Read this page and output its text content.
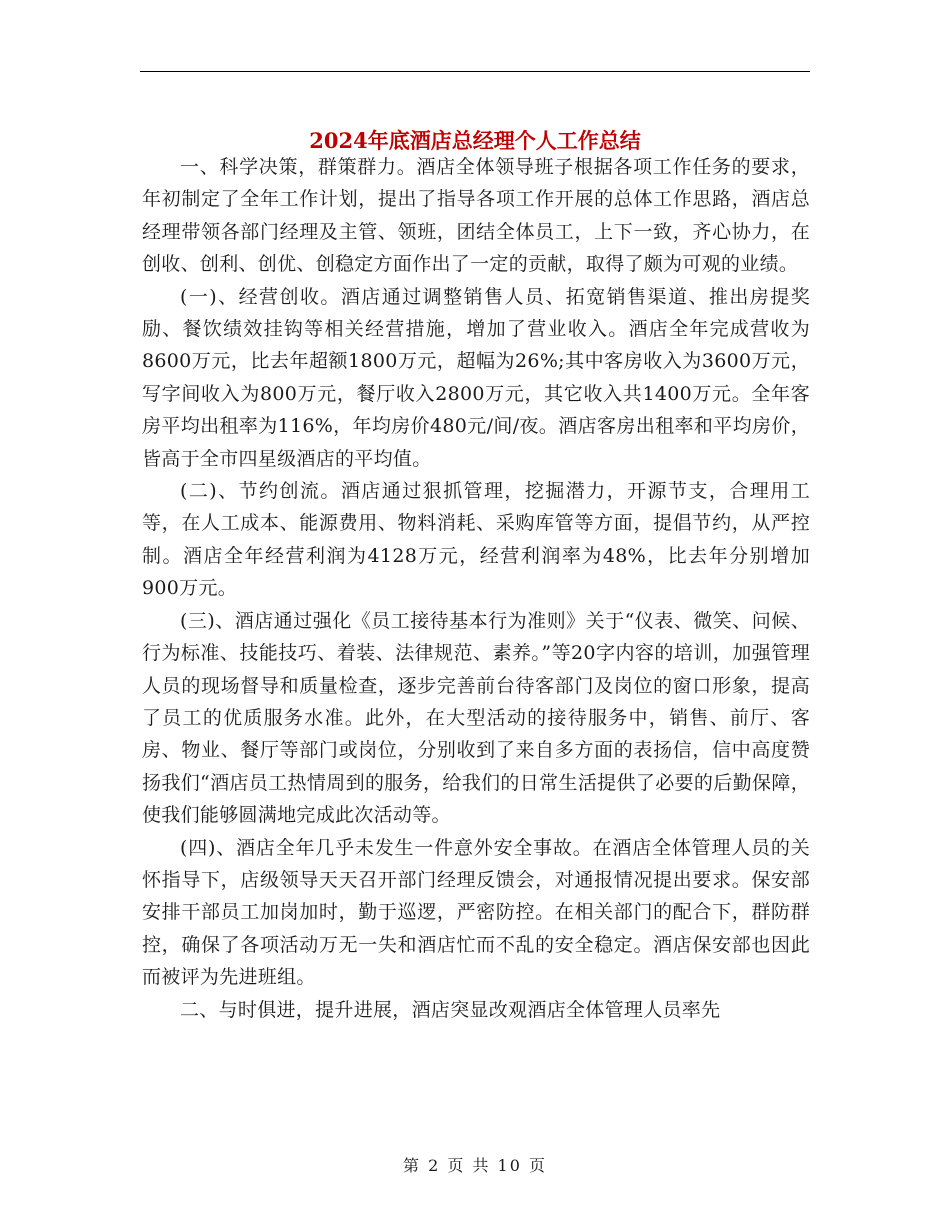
2024年底酒店总经理个人工作总结

一、科学决策，群策群力。酒店全体领导班子根据各项工作任务的要求，年初制定了全年工作计划，提出了指导各项工作开展的总体工作思路，酒店总经理带领各部门经理及主管、领班，团结全体员工，上下一致，齐心协力，在创收、创利、创优、创稳定方面作出了一定的贡献，取得了颇为可观的业绩。

(一)、经营创收。酒店通过调整销售人员、拓宽销售渠道、推出房提奖励、餐饮绩效挂钩等相关经营措施，增加了营业收入。酒店全年完成营收为8600万元，比去年超额1800万元，超幅为26%;其中客房收入为3600万元，写字间收入为800万元，餐厅收入2800万元，其它收入共1400万元。全年客房平均出租率为116%，年均房价480元/间/夜。酒店客房出租率和平均房价，皆高于全市四星级酒店的平均值。

(二)、节约创流。酒店通过狠抓管理，挖掘潜力，开源节支，合理用工等，在人工成本、能源费用、物料消耗、采购库管等方面，提倡节约，从严控制。酒店全年经营利润为4128万元，经营利润率为48%，比去年分别增加900万元。

(三)、酒店通过强化《员工接待基本行为准则》关于“仪表、微笑、问候、行为标准、技能技巧、着装、法律规范、素养。”等20字内容的培训，加强管理人员的现场督导和质量检查，逐步完善前台待客部门及岗位的窗口形象，提高了员工的优质服务水准。此外，在大型活动的接待服务中，销售、前厅、客房、物业、餐厅等部门或岗位，分别收到了来自多方面的表扬信，信中高度赞扬我们“酒店员工热情周到的服务，给我们的日常生活提供了必要的后勤保障，使我们能够圆满地完成此次活动等。

(四)、酒店全年几乎未发生一件意外安全事故。在酒店全体管理人员的关怀指导下，店级领导天天召开部门经理反馈会，对通报情况提出要求。保安部安排干部员工加岗加时，勤于巡逻，严密防控。在相关部门的配合下，群防群控，确保了各项活动万无一失和酒店忙而不乱的安全稳定。酒店保安部也因此而被评为先进班组。

二、与时俱进，提升进展，酒店突显改观酒店全体管理人员率先

第 2 页 共 10 页
